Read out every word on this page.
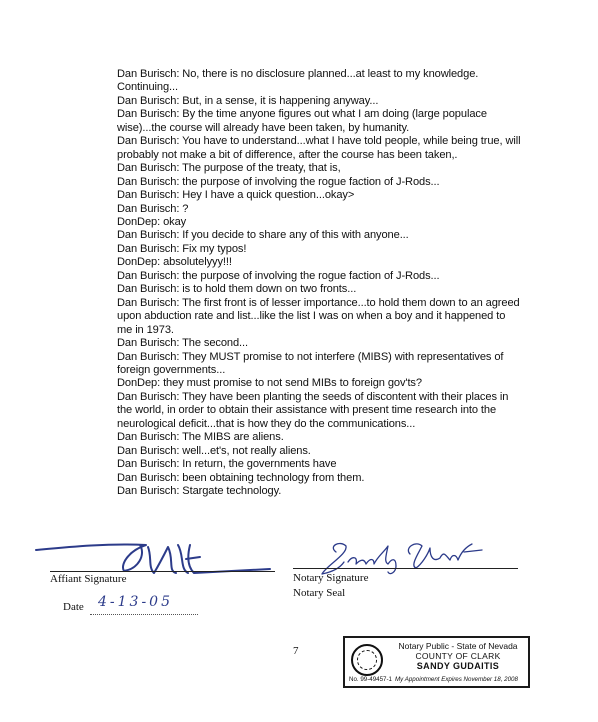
Dan Burisch: No, there is no disclosure planned...at least to my knowledge. Continuing...
Dan Burisch: But, in a sense, it is happening anyway...
Dan Burisch: By the time anyone figures out what I am doing (large populace wise)...the course will already have been taken, by humanity.
Dan Burisch: You have to understand...what I have told people, while being true, will probably not make a bit of difference, after the course has been taken,.
Dan Burisch: The purpose of the treaty, that is,
Dan Burisch: the purpose of involving the rogue faction of J-Rods...
Dan Burisch: Hey I have a quick question...okay>
Dan Burisch: ?
DonDep: okay
Dan Burisch: If you decide to share any of this with anyone...
Dan Burisch: Fix my typos!
DonDep: absolutelyyy!!!
Dan Burisch: the purpose of involving the rogue faction of J-Rods...
Dan Burisch: is to hold them down on two fronts...
Dan Burisch: The first front is of lesser importance...to hold them down to an agreed upon abduction rate and list...like the list I was on when a boy and it happened to me in 1973.
Dan Burisch: The second...
Dan Burisch: They MUST promise to not interfere (MIBS) with representatives of foreign governments...
DonDep: they must promise to not send MIBs to foreign gov'ts?
Dan Burisch: They have been planting the seeds of discontent with their places in the world, in order to obtain their assistance with present time research into the neurological deficit...that is how they do the communications...
Dan Burisch: The MIBS are aliens.
Dan Burisch: well...et's, not really aliens.
Dan Burisch: In return, the governments have
Dan Burisch: been obtaining technology from them.
Dan Burisch: Stargate technology.
Affiant Signature	Notary Signature
Notary Seal
Date 4-13-05
7	Notary Public - State of Nevada
COUNTY OF CLARK
SANDY GUDAITIS
No. 99-49457-1 My Appointment Expires November 18, 2008
